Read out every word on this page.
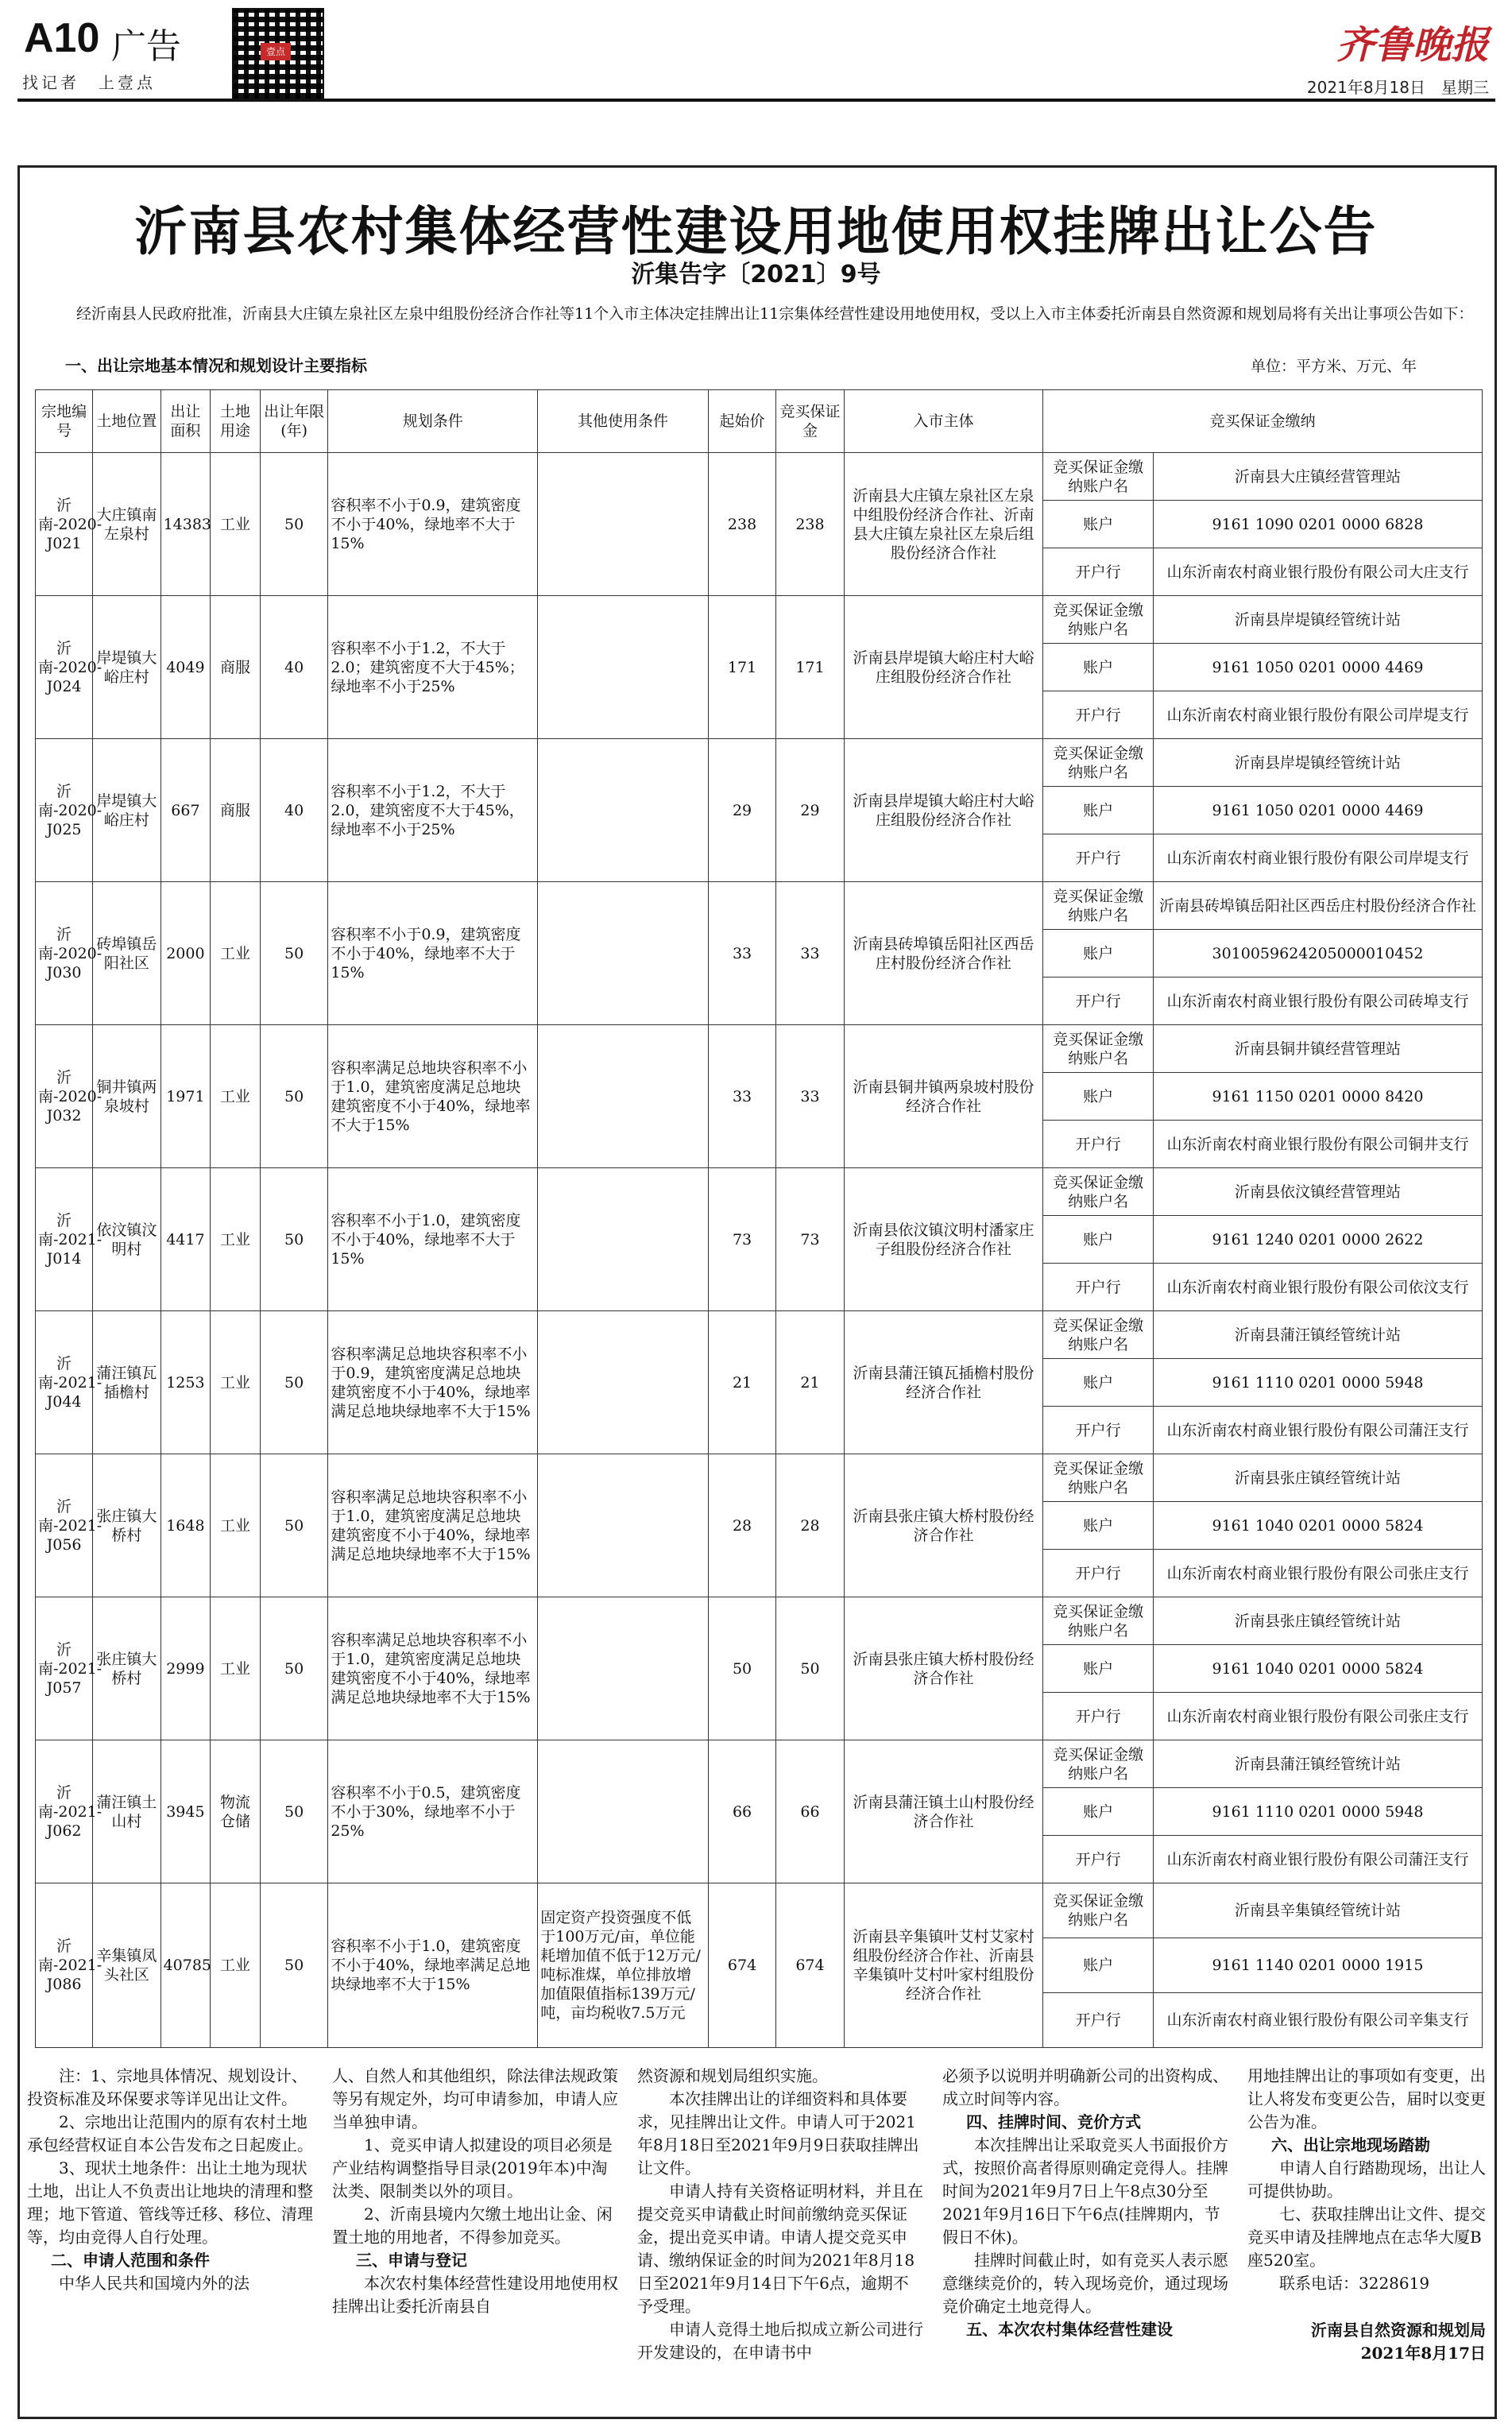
A10 广告
找记者　上壹点
壹点	齐鲁晚报
2021年8月18日　星期三
沂南县农村集体经营性建设用地使用权挂牌出让公告
沂集告字〔2021〕9号
经沂南县人民政府批准，沂南县大庄镇左泉社区左泉中组股份经济合作社等11个入市主体决定挂牌出让11宗集体经营性建设用地使用权，受以上入市主体委托沂南县自然资源和规划局将有关出让事项公告如下：
一、出让宗地基本情况和规划设计主要指标	单位：平方米、万元、年
宗地编号	土地位置	出让面积	土地用途	出让年限(年)	规划条件	其他使用条件	起始价	竞买保证金	入市主体	竞买保证金缴纳	
沂南-2020-J021	大庄镇南左泉村	14383	工业	50	容积率不小于0.9，建筑密度不小于40%，绿地率不大于15%		238	238	沂南县大庄镇左泉社区左泉中组股份经济合作社、沂南县大庄镇左泉社区左泉后组股份经济合作社	竞买保证金缴纳账户名	沂南县大庄镇经营管理站
										账户	9161 1090 0201 0000 6828
										开户行	山东沂南农村商业银行股份有限公司大庄支行
沂南-2020-J024	岸堤镇大峪庄村	4049	商服	40	容积率不小于1.2，不大于2.0；建筑密度不大于45%；绿地率不小于25%		171	171	沂南县岸堤镇大峪庄村大峪庄组股份经济合作社	竞买保证金缴纳账户名	沂南县岸堤镇经管统计站
										账户	9161 1050 0201 0000 4469
										开户行	山东沂南农村商业银行股份有限公司岸堤支行
沂南-2020-J025	岸堤镇大峪庄村	667	商服	40	容积率不小于1.2，不大于2.0，建筑密度不大于45%，绿地率不小于25%		29	29	沂南县岸堤镇大峪庄村大峪庄组股份经济合作社	竞买保证金缴纳账户名	沂南县岸堤镇经管统计站
										账户	9161 1050 0201 0000 4469
										开户行	山东沂南农村商业银行股份有限公司岸堤支行
沂南-2020-J030	砖埠镇岳阳社区	2000	工业	50	容积率不小于0.9，建筑密度不小于40%，绿地率不大于15%		33	33	沂南县砖埠镇岳阳社区西岳庄村股份经济合作社	竞买保证金缴纳账户名	沂南县砖埠镇岳阳社区西岳庄村股份经济合作社
										账户	301005962420500001045​2
										开户行	山东沂南农村商业银行股份有限公司砖埠支行
沂南-2020-J032	铜井镇两泉坡村	1971	工业	50	容积率满足总地块容积率不小于1.0，建筑密度满足总地块建筑密度不小于40%，绿地率不大于15%		33	33	沂南县铜井镇两泉坡村股份经济合作社	竞买保证金缴纳账户名	沂南县铜井镇经营管理站
										账户	9161 1150 0201 0000 8420
										开户行	山东沂南农村商业银行股份有限公司铜井支行
沂南-2021-J014	依汶镇汶明村	4417	工业	50	容积率不小于1.0，建筑密度不小于40%，绿地率不大于15%		73	73	沂南县依汶镇汶明村潘家庄子组股份经济合作社	竞买保证金缴纳账户名	沂南县依汶镇经营管理站
										账户	9161 1240 0201 0000 2622
										开户行	山东沂南农村商业银行股份有限公司依汶支行
沂南-2021-J044	蒲汪镇瓦插檐村	1253	工业	50	容积率满足总地块容积率不小于0.9，建筑密度满足总地块建筑密度不小于40%，绿地率满足总地块绿地率不大于15%		21	21	沂南县蒲汪镇瓦插檐村股份经济合作社	竞买保证金缴纳账户名	沂南县蒲汪镇经管统计站
										账户	9161 1110 0201 0000 5948
										开户行	山东沂南农村商业银行股份有限公司蒲汪支行
沂南-2021-J056	张庄镇大桥村	1648	工业	50	容积率满足总地块容积率不小于1.0，建筑密度满足总地块建筑密度不小于40%，绿地率满足总地块绿地率不大于15%		28	28	沂南县张庄镇大桥村股份经济合作社	竞买保证金缴纳账户名	沂南县张庄镇经管统计站
										账户	9161 1040 0201 0000 5824
										开户行	山东沂南农村商业银行股份有限公司张庄支行
沂南-2021-J057	张庄镇大桥村	2999	工业	50	容积率满足总地块容积率不小于1.0，建筑密度满足总地块建筑密度不小于40%，绿地率满足总地块绿地率不大于15%		50	50	沂南县张庄镇大桥村股份经济合作社	竞买保证金缴纳账户名	沂南县张庄镇经管统计站
										账户	9161 1040 0201 0000 5824
										开户行	山东沂南农村商业银行股份有限公司张庄支行
沂南-2021-J062	蒲汪镇土山村	3945	物流仓储	50	容积率不小于0.5，建筑密度不小于30%，绿地率不小于25%		66	66	沂南县蒲汪镇土山村股份经济合作社	竞买保证金缴纳账户名	沂南县蒲汪镇经管统计站
										账户	9161 1110 0201 0000 5948
										开户行	山东沂南农村商业银行股份有限公司蒲汪支行
沂南-2021-J086	辛集镇凤头社区	40785	工业	50	容积率不小于1.0，建筑密度不小于40%，绿地率满足总地块绿地率不大于15%	固定资产投资强度不低于100万元/亩，单位能耗增加值不低于12万元/吨标准煤，单位排放增加值限值指标139万元/吨，亩均税收7.5万元	674	674	沂南县辛集镇叶艾村艾家村组股份经济合作社、沂南县辛集镇叶艾村叶家村组股份经济合作社	竞买保证金缴纳账户名	沂南县辛集镇经管统计站
										账户	9161 1140 0201 0000 1915
										开户行	山东沂南农村商业银行股份有限公司辛集支行

注：1、宗地具体情况、规划设计、投资标准及环保要求等详见出让文件。

2、宗地出让范围内的原有农村土地承包经营权证自本公告发布之日起废止。

3、现状土地条件：出让土地为现状土地，出让人不负责出让地块的清理和整理；地下管道、管线等迁移、移位、清理等，均由竞得人自行处理。

二、申请人范围和条件

中华人民共和国境内外的法

人、自然人和其他组织，除法律法规政策等另有规定外，均可申请参加，申请人应当单独申请。

1、竞买申请人拟建设的项目必须是产业结构调整指导目录(2019年本)中淘汰类、限制类以外的项目。

2、沂南县境内欠缴土地出让金、闲置土地的用地者，不得参加竞买。

三、申请与登记

本次农村集体经营性建设用地使用权挂牌出让委托沂南县自

然资源和规划局组织实施。

本次挂牌出让的详细资料和具体要求，见挂牌出让文件。申请人可于2021年8月18日至2021年9月9日获取挂牌出让文件。

申请人持有关资格证明材料，并且在提交竞买申请截止时间前缴纳竞买保证金，提出竞买申请。申请人提交竞买申请、缴纳保证金的时间为2021年8月18日至2021年9月14日下午6点，逾期不予受理。

申请人竞得土地后拟成立新公司进行开发建设的，在申请书中

必须予以说明并明确新公司的出资构成、成立时间等内容。

四、挂牌时间、竞价方式

本次挂牌出让采取竞买人书面报价方式，按照价高者得原则确定竞得人。挂牌时间为2021年9月7日上午8点30分至2021年9月16日下午6点(挂牌期内，节假日不休)。

挂牌时间截止时，如有竞买人表示愿意继续竞价的，转入现场竞价，通过现场竞价确定土地竞得人。

五、本次农村集体经营性建设

用地挂牌出让的事项如有变更，出让人将发布变更公告，届时以变更公告为准。

六、出让宗地现场踏勘

申请人自行踏勘现场，出让人可提供协助。

七、获取挂牌出让文件、提交竞买申请及挂牌地点在志华大厦B座520室。

联系电话：3228619

沂南县自然资源和规划局

2021年8月17日
